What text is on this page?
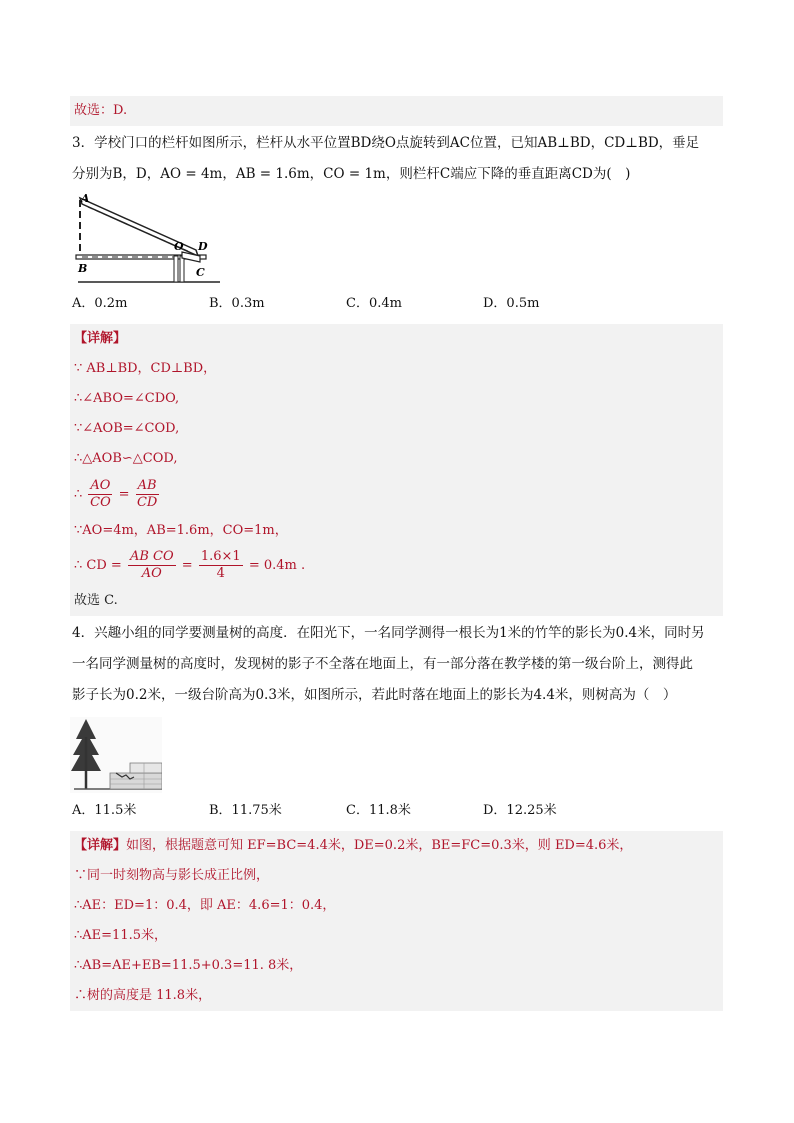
故选：D.
3．学校门口的栏杆如图所示，栏杆从水平位置BD绕O点旋转到AC位置，已知AB⊥BD，CD⊥BD，垂足
分别为B，D，AO = 4m，AB = 1.6m，CO = 1m，则栏杆C端应下降的垂直距离CD为(　)
A
B
O D
C
A．0.2m	B．0.3m	C．0.4m	D．0.5m
【详解】
∵ AB⊥BD，CD⊥BD，
∴∠ABO=∠CDO,
∵∠AOB=∠COD,
∴△AOB∽△COD,
∴ $\frac{AO}{CO} = \frac{AB}{CD}$
∵AO=4m，AB=1.6m，CO=1m，
∴ CD = $\frac{\text{AB CO}}{AO} = \frac{1.6\times 1}{4} = 0.4m$ .
故选 C.
4．兴趣小组的同学要测量树的高度．在阳光下，一名同学测得一根长为1米的竹竿的影长为0.4米，同时另
一名同学测量树的高度时，发现树的影子不全落在地面上，有一部分落在教学楼的第一级台阶上，测得此
影子长为0.2米，一级台阶高为0.3米，如图所示，若此时落在地面上的影长为4.4米，则树高为（　）
A．11.5米	B．11.75米	C．11.8米	D．12.25米
【详解】如图，根据题意可知 EF=BC=4.4米，DE=0.2米，BE=FC=0.3米，则 ED=4.6米，
∵同一时刻物高与影长成正比例，
∴AE：ED=1：0.4，即 AE：4.6=1：0.4，
∴AE=11.5米，
∴AB=AE+EB=11.5+0.3=11. 8米，
∴树的高度是 11.8米，
